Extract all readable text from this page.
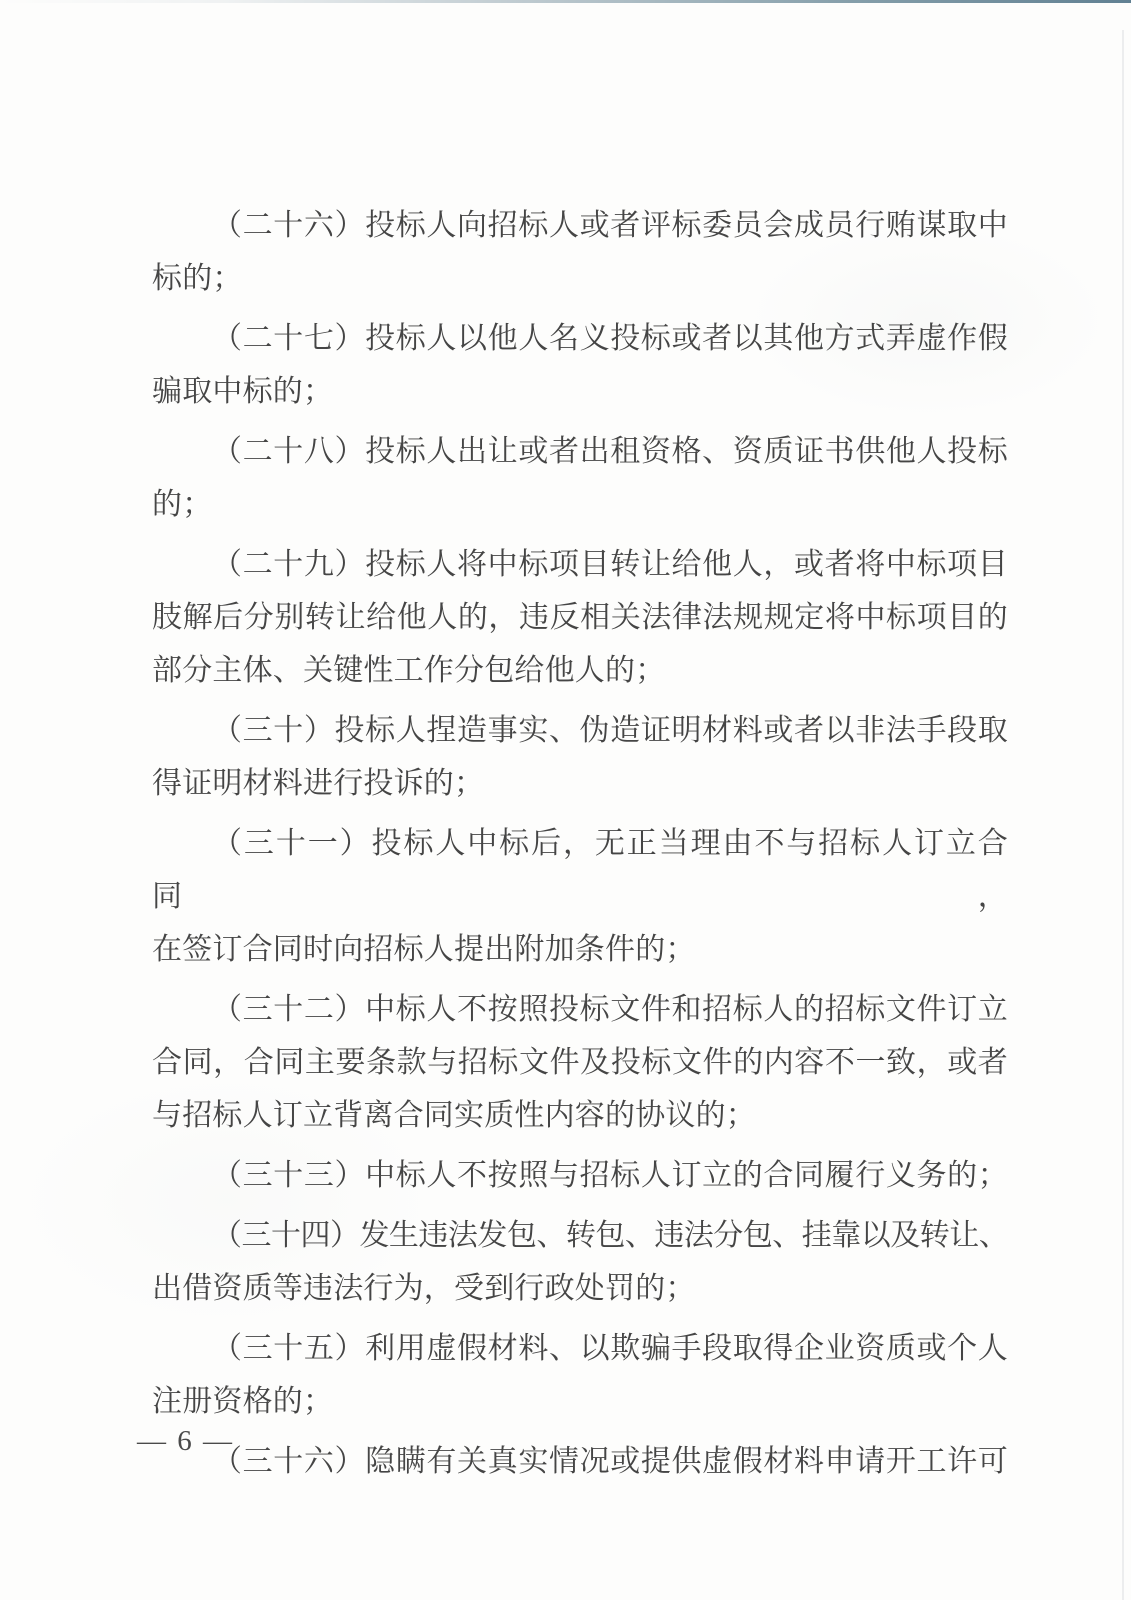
（二十六）投标人向招标人或者评标委员会成员行贿谋取中
标的；

（二十七）投标人以他人名义投标或者以其他方式弄虚作假
骗取中标的；

（二十八）投标人出让或者出租资格、资质证书供他人投标
的；

（二十九）投标人将中标项目转让给他人，或者将中标项目
肢解后分别转让给他人的，违反相关法律法规规定将中标项目的
部分主体、关键性工作分包给他人的；

（三十）投标人捏造事实、伪造证明材料或者以非法手段取
得证明材料进行投诉的；

（三十一）投标人中标后，无正当理由不与招标人订立合同，
在签订合同时向招标人提出附加条件的；

（三十二）中标人不按照投标文件和招标人的招标文件订立
合同，合同主要条款与招标文件及投标文件的内容不一致，或者
与招标人订立背离合同实质性内容的协议的；

（三十三）中标人不按照与招标人订立的合同履行义务的；

（三十四）发生违法发包、转包、违法分包、挂靠以及转让、
出借资质等违法行为，受到行政处罚的；

（三十五）利用虚假材料、以欺骗手段取得企业资质或个人
注册资格的；

（三十六）隐瞒有关真实情况或提供虚假材料申请开工许可

— 6 —
